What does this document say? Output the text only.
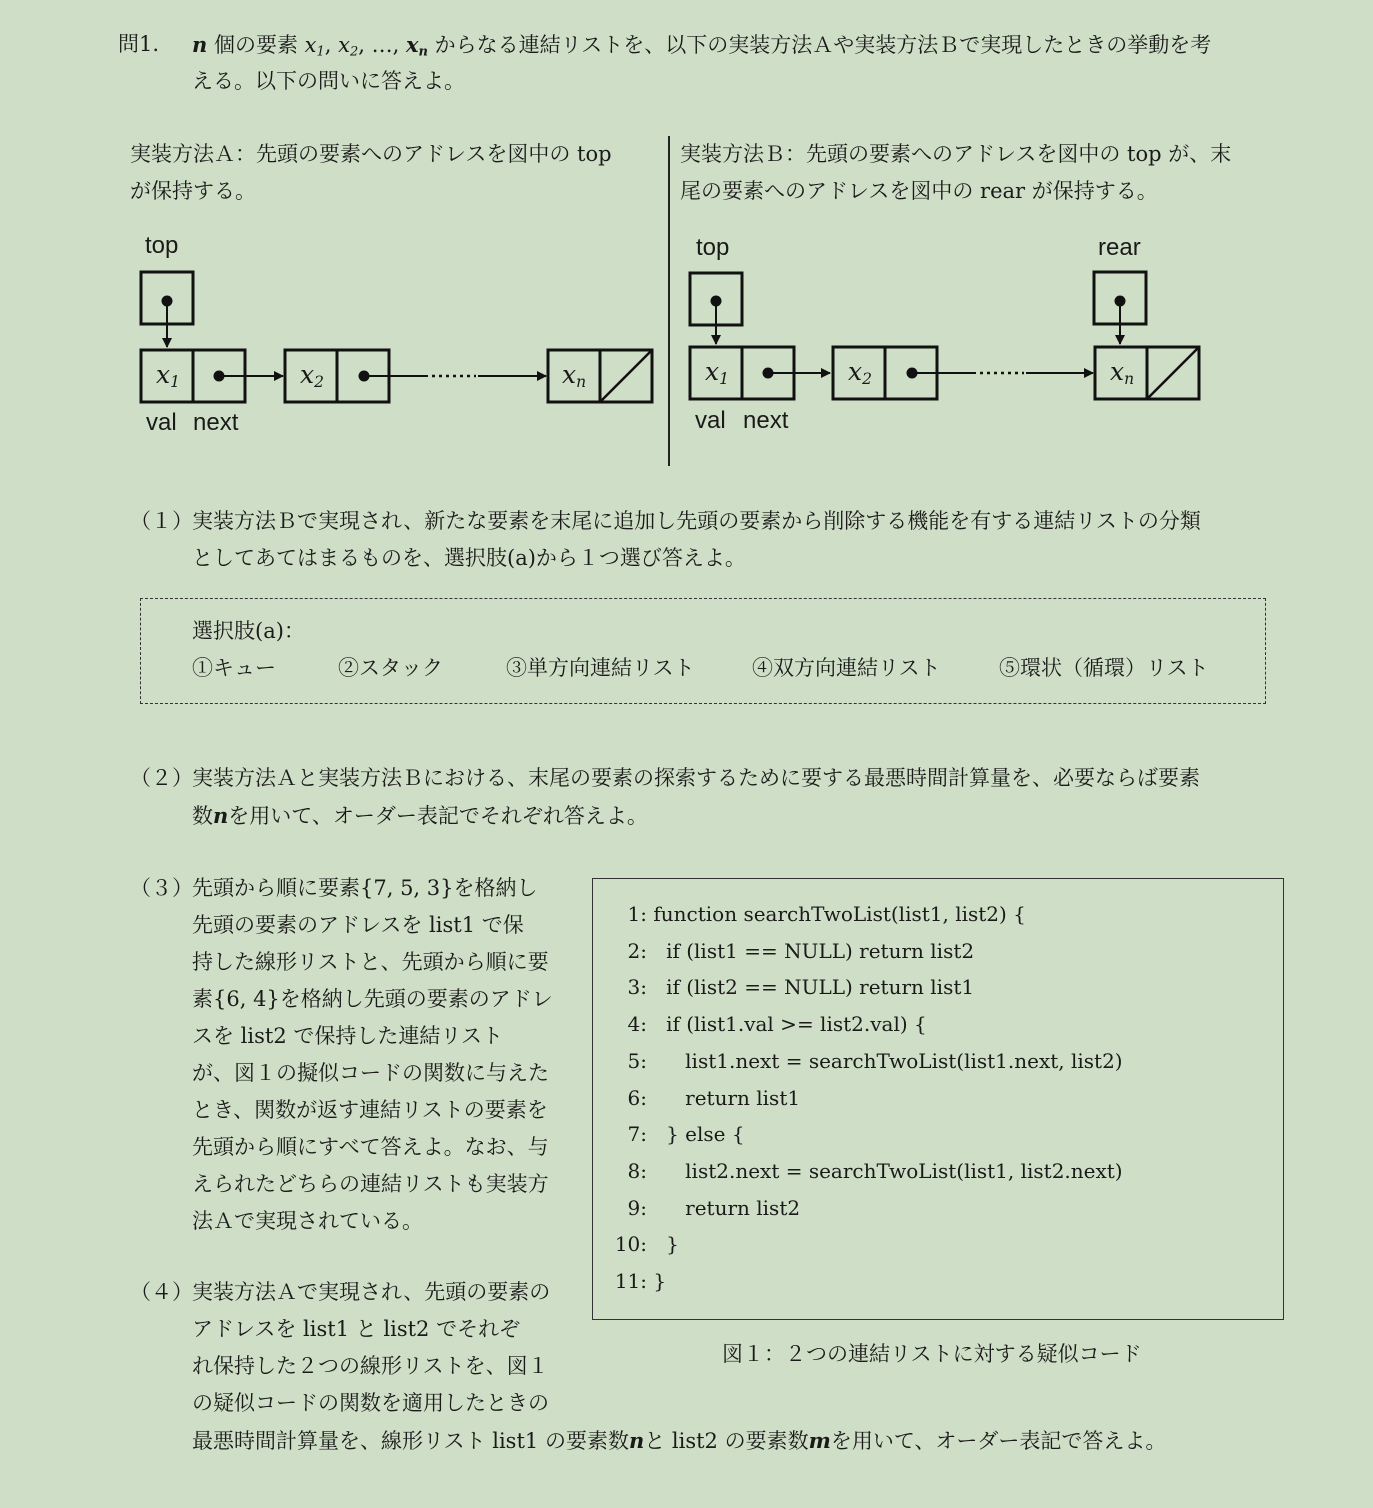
問1. n 個の要素 $x_1$, $x_2$, …, $x_n$ からなる連結リストを、以下の実装方法Ａや実装方法Ｂで実現したときの挙動を考
える。以下の問いに答えよ。
実装方法Ａ：先頭の要素へのアドレスを図中の top
が保持する。
実装方法Ｂ：先頭の要素へのアドレスを図中の top が、末
尾の要素へのアドレスを図中の rear が保持する。
top
val next
$x_1$	$x_2$	$x_n$
top	rear
val next
$x_1$	$x_2$	$x_n$
（１） 実装方法Ｂで実現され、新たな要素を末尾に追加し先頭の要素から削除する機能を有する連結リストの分類
としてあてはまるものを、選択肢(a)から１つ選び答えよ。
選択肢(a)：
①キュー	②スタック	③単方向連結リスト	④双方向連結リスト	⑤環状（循環）リスト
（２） 実装方法Ａと実装方法Ｂにおける、末尾の要素の探索するために要する最悪時間計算量を、必要ならば要素
数nを用いて、オーダー表記でそれぞれ答えよ。
（３） 先頭から順に要素{7, 5, 3}を格納し
先頭の要素のアドレスを list1 で保
持した線形リストと、先頭から順に要
素{6, 4}を格納し先頭の要素のアドレ
スを list2 で保持した連結リスト
が、図１の擬似コードの関数に与えた
とき、関数が返す連結リストの要素を
先頭から順にすべて答えよ。なお、与
えられたどちらの連結リストも実装方
法Ａで実現されている。
（４） 実装方法Ａで実現され、先頭の要素の
アドレスを list1 と list2 でそれぞ
れ保持した２つの線形リストを、図１
の疑似コードの関数を適用したときの
最悪時間計算量を、線形リスト list1 の要素数nと list2 の要素数mを用いて、オーダー表記で答えよ。
1: function searchTwoList(list1, list2) {
2:   if (list1 == NULL) return list2
3:   if (list2 == NULL) return list1
4:   if (list1.val >= list2.val) {
5:      list1.next = searchTwoList(list1.next, list2)
6:      return list1
7:   } else {
8:      list2.next = searchTwoList(list1, list2.next)
9:      return list2
10:   }
11: }
図１：２つの連結リストに対する疑似コード
